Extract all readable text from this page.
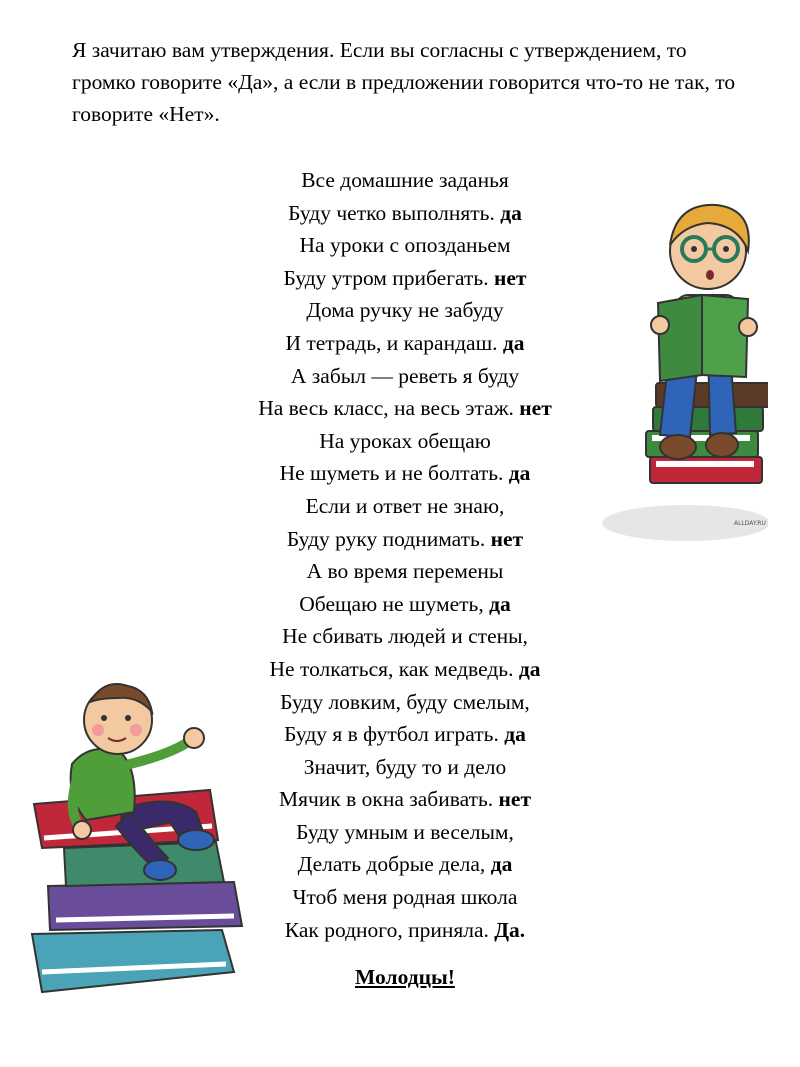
Я зачитаю вам утверждения. Если вы согласны с утверждением, то громко говорите «Да», а если в предложении говорится что-то не так, то говорите «Нет».
Все домашние заданья
Буду четко выполнять. да
На уроки с опозданьем
Буду утром прибегать. нет
Дома ручку не забуду
И тетрадь, и карандаш. да
А забыл — реветь я буду
На весь класс, на весь этаж. нет
На уроках обещаю
Не шуметь и не болтать. да
Если и ответ не знаю,
Буду руку поднимать. нет
А во время перемены
Обещаю не шуметь, да
Не сбивать людей и стены,
Не толкаться, как медведь. да
Буду ловким, буду смелым,
Буду я в футбол играть. да
Значит, буду то и дело
Мячик в окна забивать. нет
Буду умным и веселым,
Делать добрые дела, да
Чтоб меня родная школа
Как родного, приняла. Да.
Молодцы!
ALLDAY.RU
